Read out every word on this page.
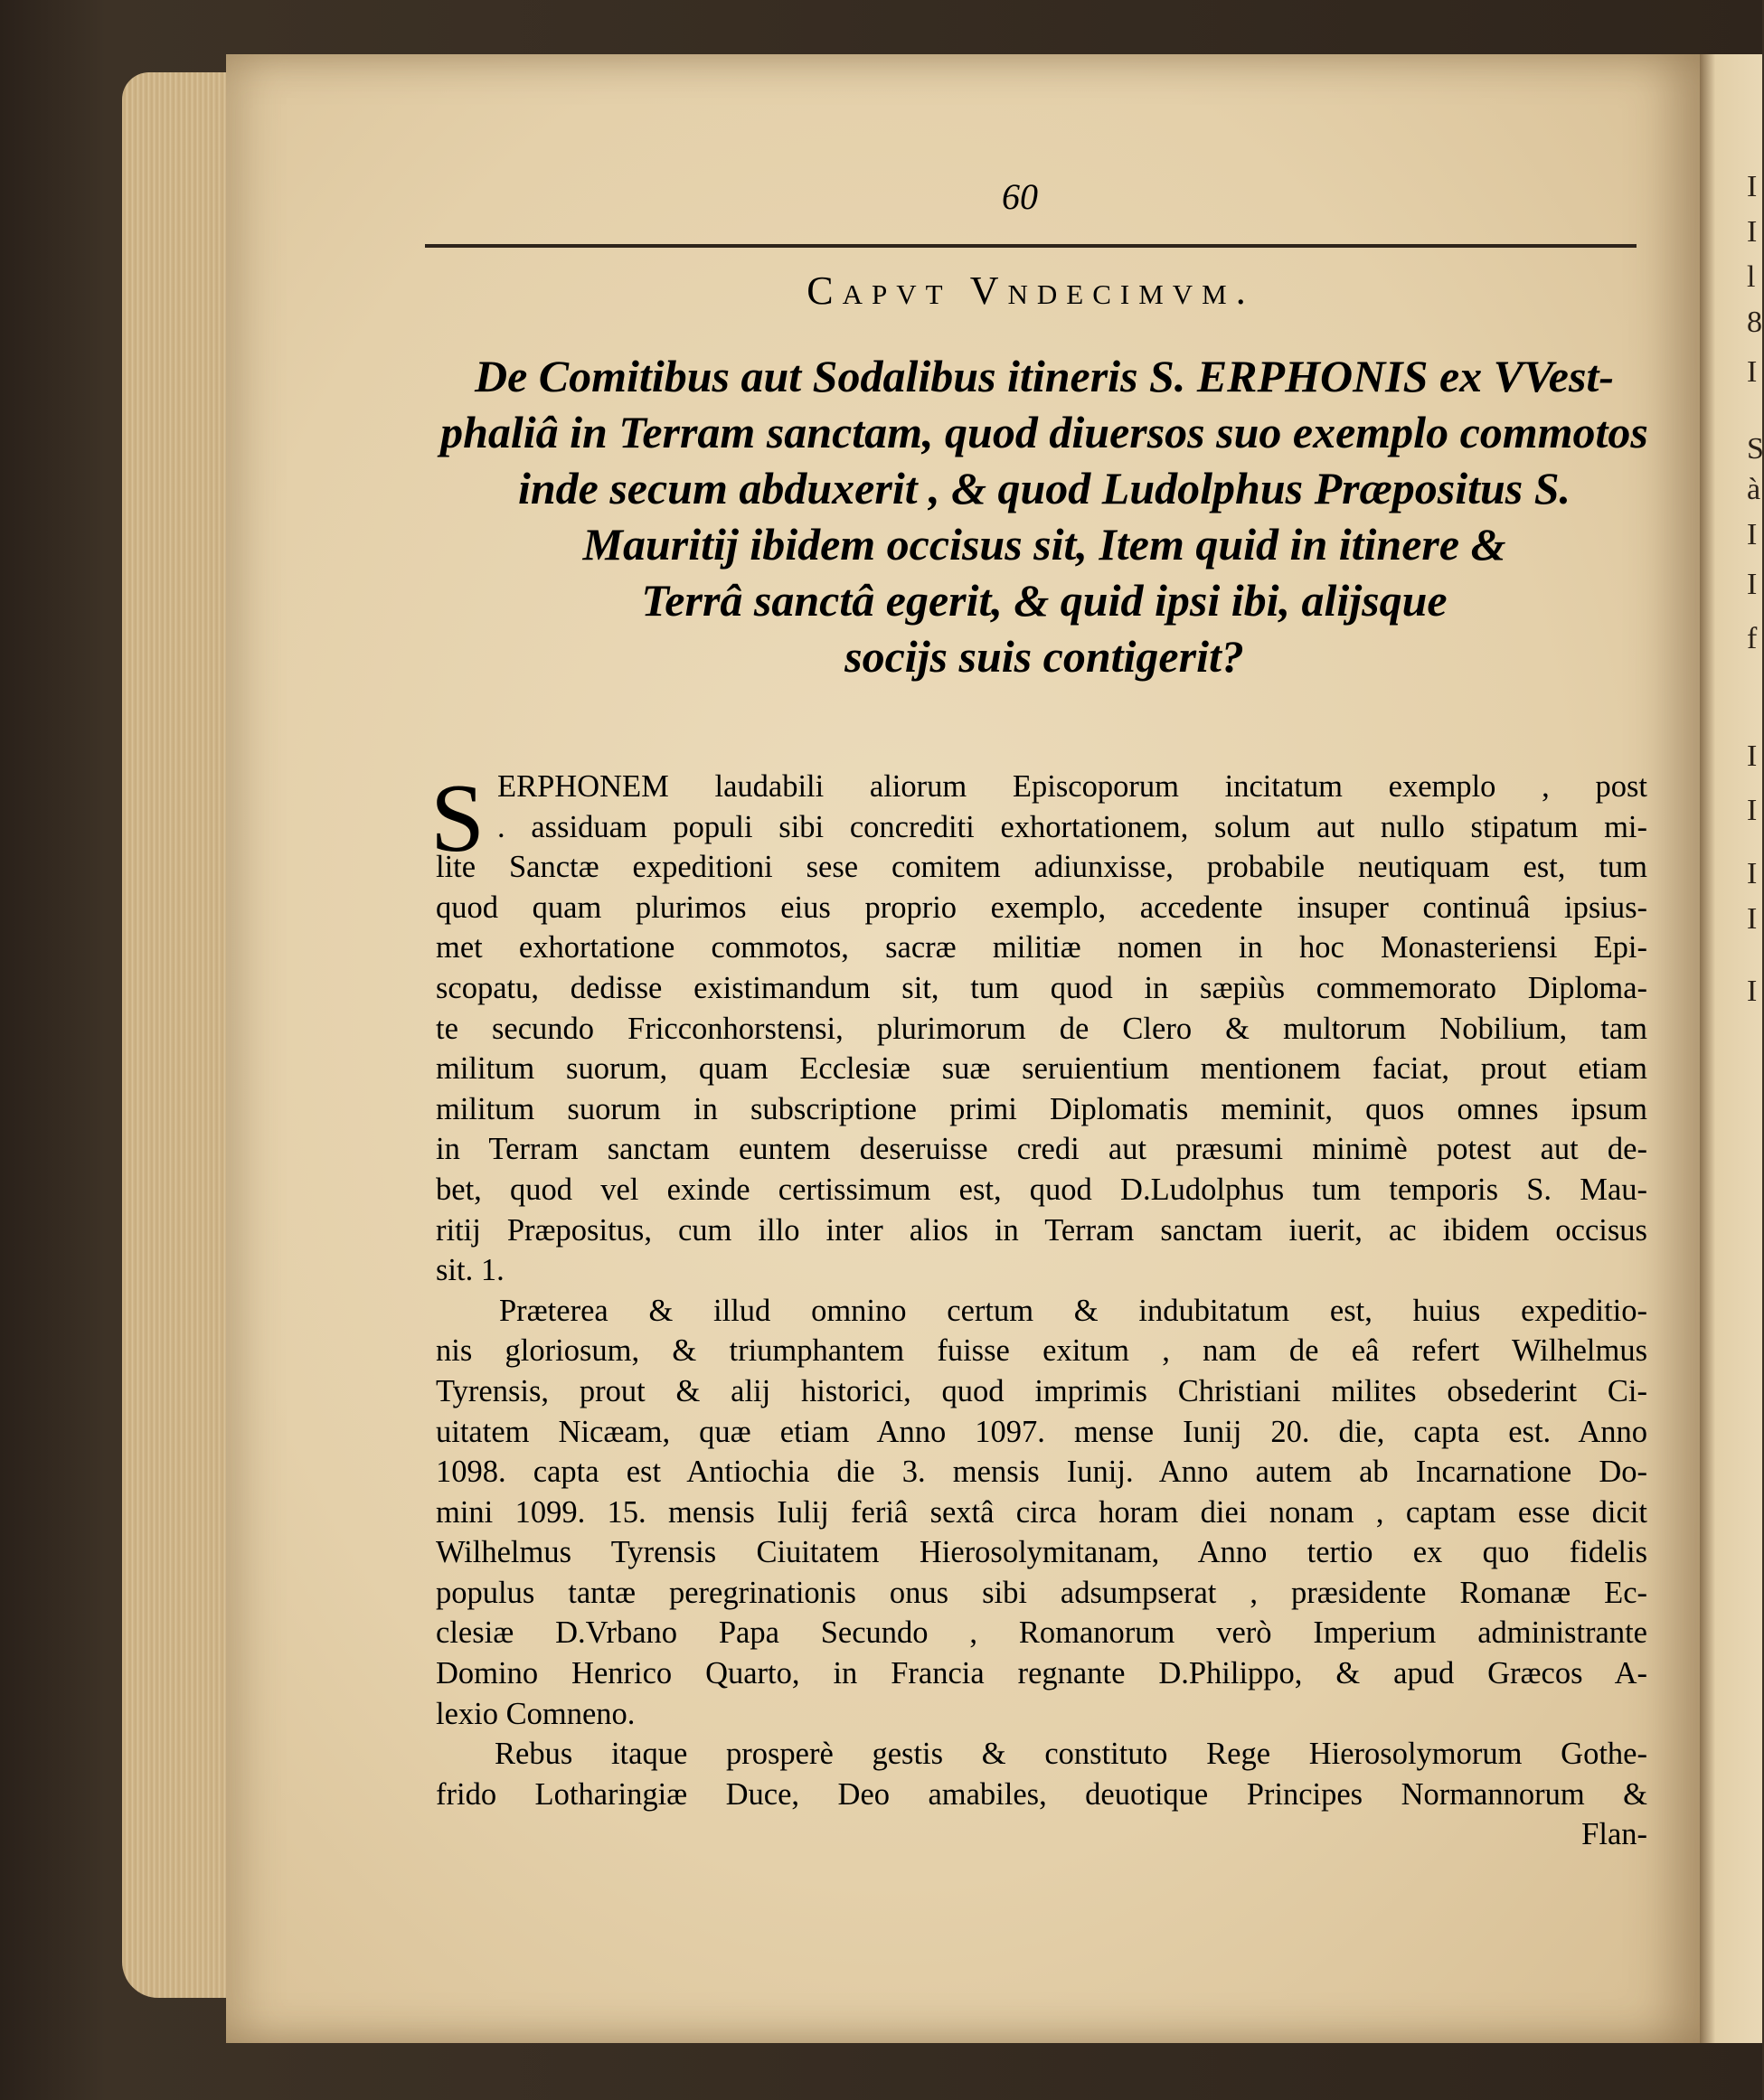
I
I
l
8
I
S
à
I
I
f
I
I
I
I
I
60
Capvt Vndecimvm.
De Comitibus aut Sodalibus itineris S. ERPHONIS ex VVest-
phaliâ in Terram sanctam, quod diuersos suo exemplo commotos
inde secum abduxerit , & quod Ludolphus Præpositus S.
Mauritij ibidem occisus sit, Item quid in itinere &
Terrâ sanctâ egerit, & quid ipsi ibi, alijsque
socijs suis contigerit?
S ERPHONEM laudabili aliorum Episcoporum incitatum exemplo , post
. assiduam populi sibi concrediti exhortationem, solum aut nullo stipatum mi-
lite Sanctæ expeditioni sese comitem adiunxisse, probabile neutiquam est, tum
quod quam plurimos eius proprio exemplo, accedente insuper continuâ ipsius-
met exhortatione commotos, sacræ militiæ nomen in hoc Monasteriensi Epi-
scopatu, dedisse existimandum sit, tum quod in sæpiùs commemorato Diploma-
te secundo Fricconhorstensi, plurimorum de Clero & multorum Nobilium, tam
militum suorum, quam Ecclesiæ suæ seruientium mentionem faciat, prout etiam
militum suorum in subscriptione primi Diplomatis meminit, quos omnes ipsum
in Terram sanctam euntem deseruisse credi aut præsumi minimè potest aut de-
bet, quod vel exinde certissimum est, quod D.Ludolphus tum temporis S. Mau-
ritij Præpositus, cum illo inter alios in Terram sanctam iuerit, ac ibidem occisus
sit. 1.
Præterea & illud omnino certum & indubitatum est, huius expeditio-
nis gloriosum, & triumphantem fuisse exitum , nam de eâ refert Wilhelmus
Tyrensis, prout & alij historici, quod imprimis Christiani milites obsederint Ci-
uitatem Nicæam, quæ etiam Anno 1097. mense Iunij 20. die, capta est. Anno
1098. capta est Antiochia die 3. mensis Iunij. Anno autem ab Incarnatione Do-
mini 1099. 15. mensis Iulij feriâ sextâ circa horam diei nonam , captam esse dicit
Wilhelmus Tyrensis Ciuitatem Hierosolymitanam, Anno tertio ex quo fidelis
populus tantæ peregrinationis onus sibi adsumpserat , præsidente Romanæ Ec-
clesiæ D.Vrbano Papa Secundo , Romanorum verò Imperium administrante
Domino Henrico Quarto, in Francia regnante D.Philippo, & apud Græcos A-
lexio Comneno.
Rebus itaque prosperè gestis & constituto Rege Hierosolymorum Gothe-
frido Lotharingiæ Duce, Deo amabiles, deuotique Principes Normannorum &
Flan-
